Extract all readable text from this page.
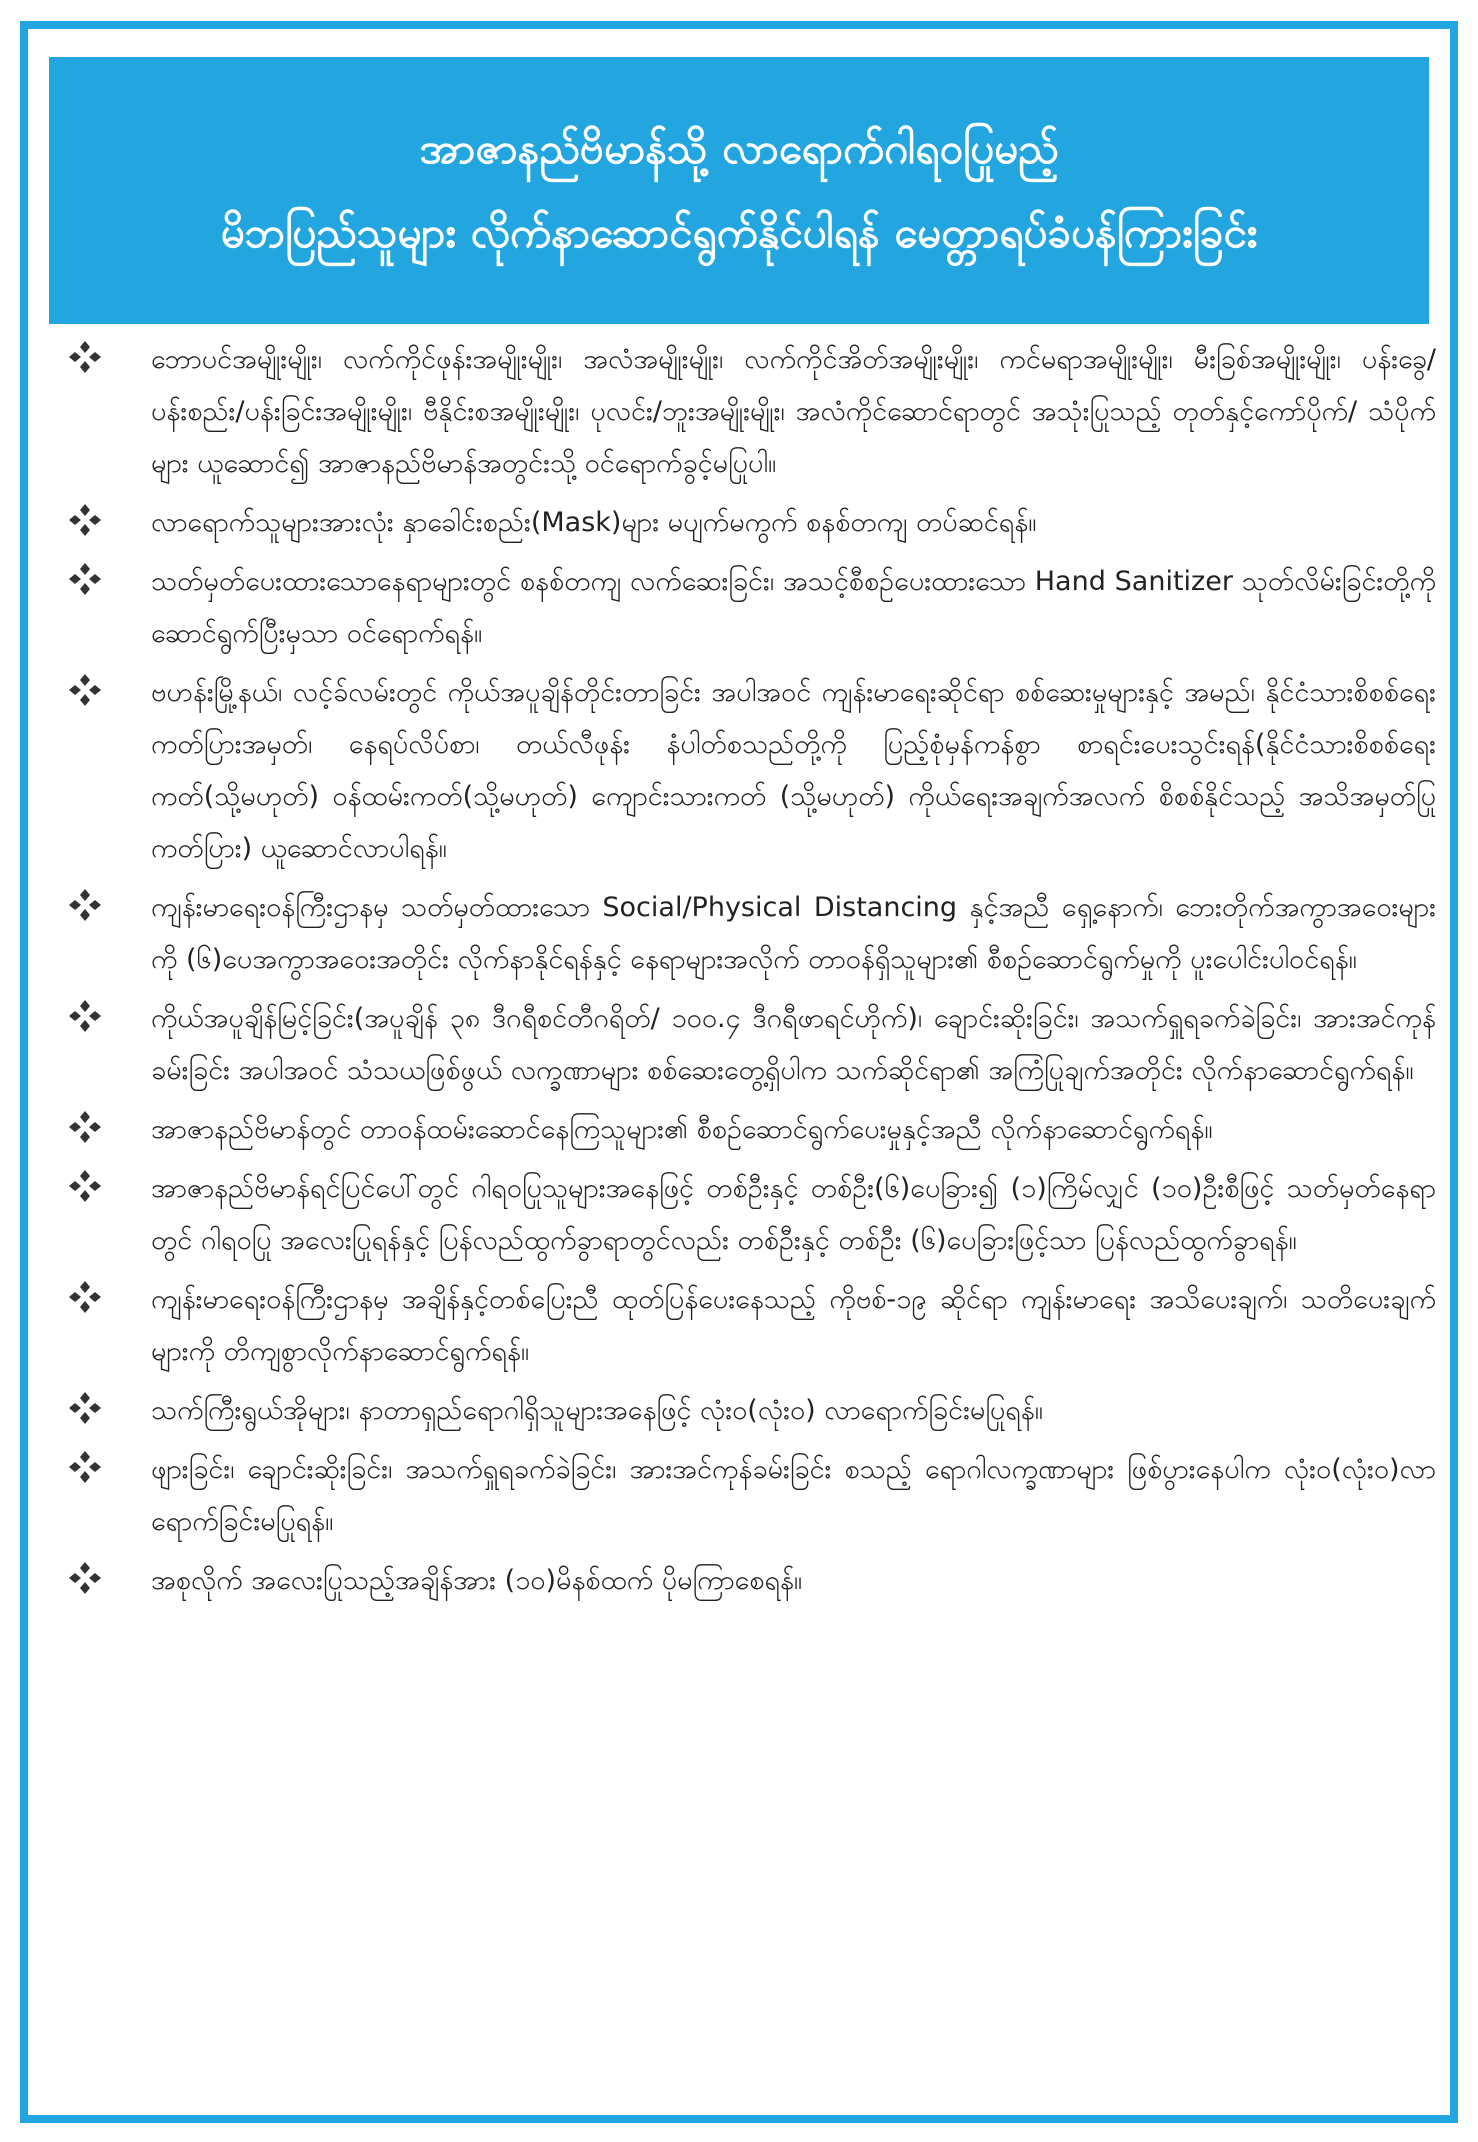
အာဇာနည်ဗိမာန်သို့ လာရောက်ဂါရဝပြုမည့်
မိဘပြည်သူများ လိုက်နာဆောင်ရွက်နိုင်ပါရန် မေတ္တာရပ်ခံပန်ကြားခြင်း
ဘောပင်အမျိုးမျိုး၊ လက်ကိုင်ဖုန်းအမျိုးမျိုး၊ အလံအမျိုးမျိုး၊ လက်ကိုင်အိတ်အမျိုးမျိုး၊ ကင်မရာအမျိုးမျိုး၊ မီးခြစ်အမျိုးမျိုး၊ ပန်းခွေ/ပန်းစည်း/ပန်းခြင်းအမျိုးမျိုး၊ ဗီနိုင်းစအမျိုးမျိုး၊ ပုလင်း/ဘူးအမျိုးမျိုး၊ အလံကိုင်ဆောင်ရာတွင် အသုံးပြုသည့် တုတ်နှင့်ကော်ပိုက်/ သံပိုက်များ ယူဆောင်၍ အာဇာနည်ဗိမာန်အတွင်းသို့ ဝင်ရောက်ခွင့်မပြုပါ။
လာရောက်သူများအားလုံး နှာခေါင်းစည်း(Mask)များ မပျက်မကွက် စနစ်တကျ တပ်ဆင်ရန်။
သတ်မှတ်ပေးထားသောနေရာများတွင် စနစ်တကျ လက်ဆေးခြင်း၊ အသင့်စီစဉ်ပေးထားသော Hand Sanitizer သုတ်လိမ်းခြင်းတို့ကို ဆောင်ရွက်ပြီးမှသာ ဝင်ရောက်ရန်။
ဗဟန်းမြို့နယ်၊ လင့်ခ်လမ်းတွင် ကိုယ်အပူချိန်တိုင်းတာခြင်း အပါအဝင် ကျန်းမာရေးဆိုင်ရာ စစ်ဆေးမှုများနှင့် အမည်၊ နိုင်ငံသားစိစစ်ရေးကတ်ပြားအမှတ်၊ နေရပ်လိပ်စာ၊ တယ်လီဖုန်း နံပါတ်စသည်တို့ကို ပြည့်စုံမှန်ကန်စွာ စာရင်းပေးသွင်းရန်(နိုင်ငံသားစိစစ်ရေးကတ်(သို့မဟုတ်) ဝန်ထမ်းကတ်(သို့မဟုတ်) ကျောင်းသားကတ် (သို့မဟုတ်) ကိုယ်ရေးအချက်အလက် စိစစ်နိုင်သည့် အသိအမှတ်ပြုကတ်ပြား) ယူဆောင်လာပါရန်။
ကျန်းမာရေးဝန်ကြီးဌာနမှ သတ်မှတ်ထားသော Social/Physical Distancing နှင့်အညီ ရှေ့နောက်၊ ဘေးတိုက်အကွာအဝေးများကို (၆)ပေအကွာအဝေးအတိုင်း လိုက်နာနိုင်ရန်နှင့် နေရာများအလိုက် တာဝန်ရှိသူများ၏ စီစဉ်ဆောင်ရွက်မှုကို ပူးပေါင်းပါဝင်ရန်။
ကိုယ်အပူချိန်မြင့်ခြင်း(အပူချိန် ၃၈ ဒီဂရီစင်တီဂရိတ်/ ၁၀၀.၄ ဒီဂရီဖာရင်ဟိုက်)၊ ချောင်းဆိုးခြင်း၊ အသက်ရှူရခက်ခဲခြင်း၊ အားအင်ကုန်ခမ်းခြင်း အပါအဝင် သံသယဖြစ်ဖွယ် လက္ခဏာများ စစ်ဆေးတွေ့ရှိပါက သက်ဆိုင်ရာ၏ အကြံပြုချက်အတိုင်း လိုက်နာဆောင်ရွက်ရန်။
အာဇာနည်ဗိမာန်တွင် တာဝန်ထမ်းဆောင်နေကြသူများ၏ စီစဉ်ဆောင်ရွက်ပေးမှုနှင့်အညီ လိုက်နာဆောင်ရွက်ရန်။
အာဇာနည်ဗိမာန်ရင်ပြင်ပေါ်တွင် ဂါရဝပြုသူများအနေဖြင့် တစ်ဦးနှင့် တစ်ဦး(၆)ပေခြား၍ (၁)ကြိမ်လျှင် (၁၀)ဦးစီဖြင့် သတ်မှတ်နေရာတွင် ဂါရဝပြု အလေးပြုရန်နှင့် ပြန်လည်ထွက်ခွာရာတွင်လည်း တစ်ဦးနှင့် တစ်ဦး (၆)ပေခြားဖြင့်သာ ပြန်လည်ထွက်ခွာရန်။
ကျန်းမာရေးဝန်ကြီးဌာနမှ အချိန်နှင့်တစ်ပြေးညီ ထုတ်ပြန်ပေးနေသည့် ကိုဗစ်-၁၉ ဆိုင်ရာ ကျန်းမာရေး အသိပေးချက်၊ သတိပေးချက်များကို တိကျစွာလိုက်နာဆောင်ရွက်ရန်။
သက်ကြီးရွယ်အိုများ၊ နာတာရှည်ရောဂါရှိသူများအနေဖြင့် လုံးဝ(လုံးဝ) လာရောက်ခြင်းမပြုရန်။
ဖျားခြင်း၊ ချောင်းဆိုးခြင်း၊ အသက်ရှူရခက်ခဲခြင်း၊ အားအင်ကုန်ခမ်းခြင်း စသည့် ရောဂါလက္ခဏာများ ဖြစ်ပွားနေပါက လုံးဝ(လုံးဝ)လာရောက်ခြင်းမပြုရန်။
အစုလိုက် အလေးပြုသည့်အချိန်အား (၁၀)မိနစ်ထက် ပိုမကြာစေရန်။
